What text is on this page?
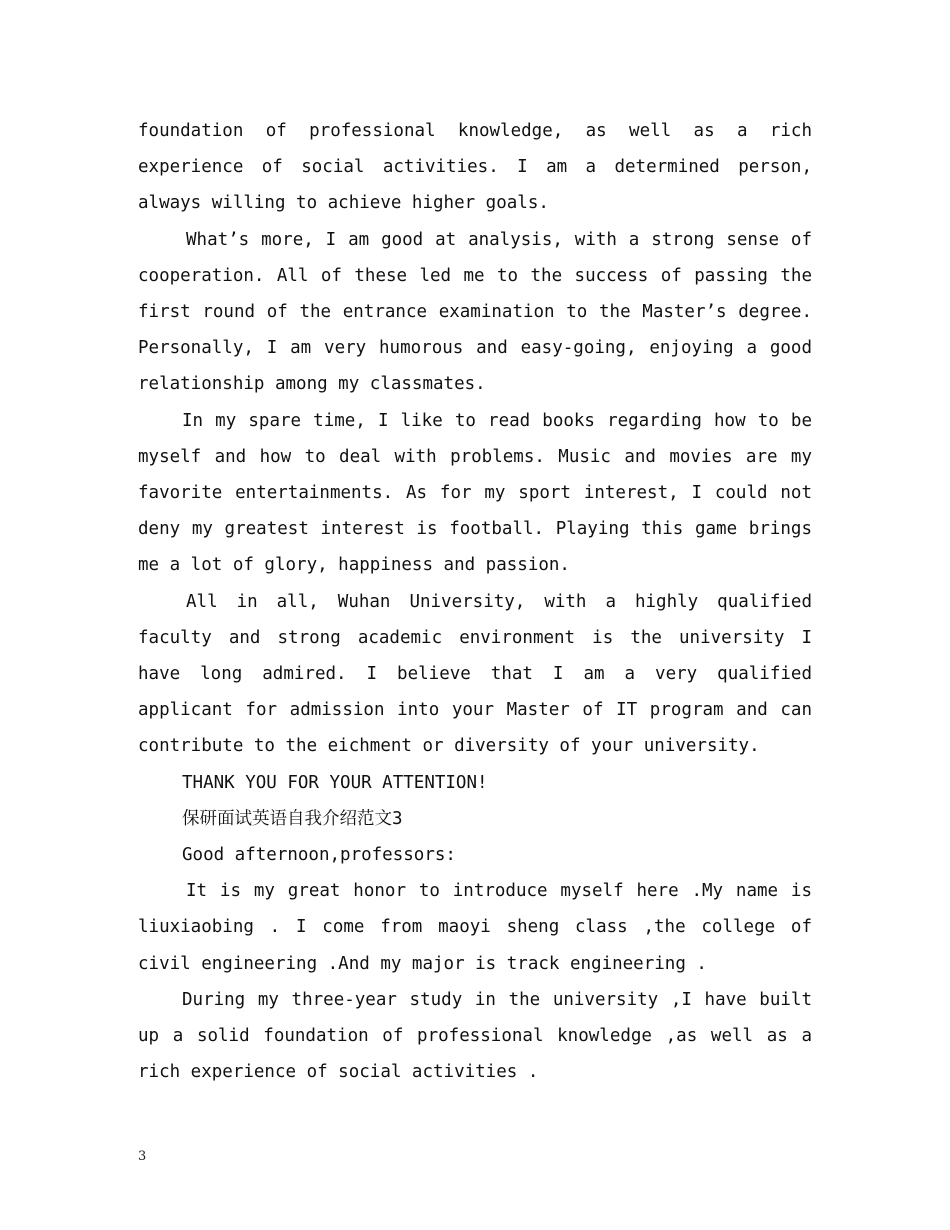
foundation of professional knowledge, as well as a rich experience of social activities. I am a determined person, always willing to achieve higher goals.

What’s more, I am good at analysis, with a strong sense of cooperation. All of these led me to the success of passing the first round of the entrance examination to the Master’s degree. Personally, I am very humorous and easy-going, enjoying a good relationship among my classmates.

In my spare time, I like to read books regarding how to be myself and how to deal with problems. Music and movies are my favorite entertainments. As for my sport interest, I could not deny my greatest interest is football. Playing this game brings me a lot of glory, happiness and passion.

All in all, Wuhan University, with a highly qualified faculty and strong academic environment is the university I have long admired. I believe that I am a very qualified applicant for admission into your Master of IT program and can contribute to the eichment or diversity of your university.

THANK YOU FOR YOUR ATTENTION!

保研面试英语自我介绍范文3

Good afternoon,professors:

It is my great honor to introduce myself here .My name is liuxiaobing . I come from maoyi sheng class ,the college of civil engineering .And my major is track engineering .

During my three-year study in the university ,I have built up a solid foundation of professional knowledge ,as well as a rich experience of social activities .

3
